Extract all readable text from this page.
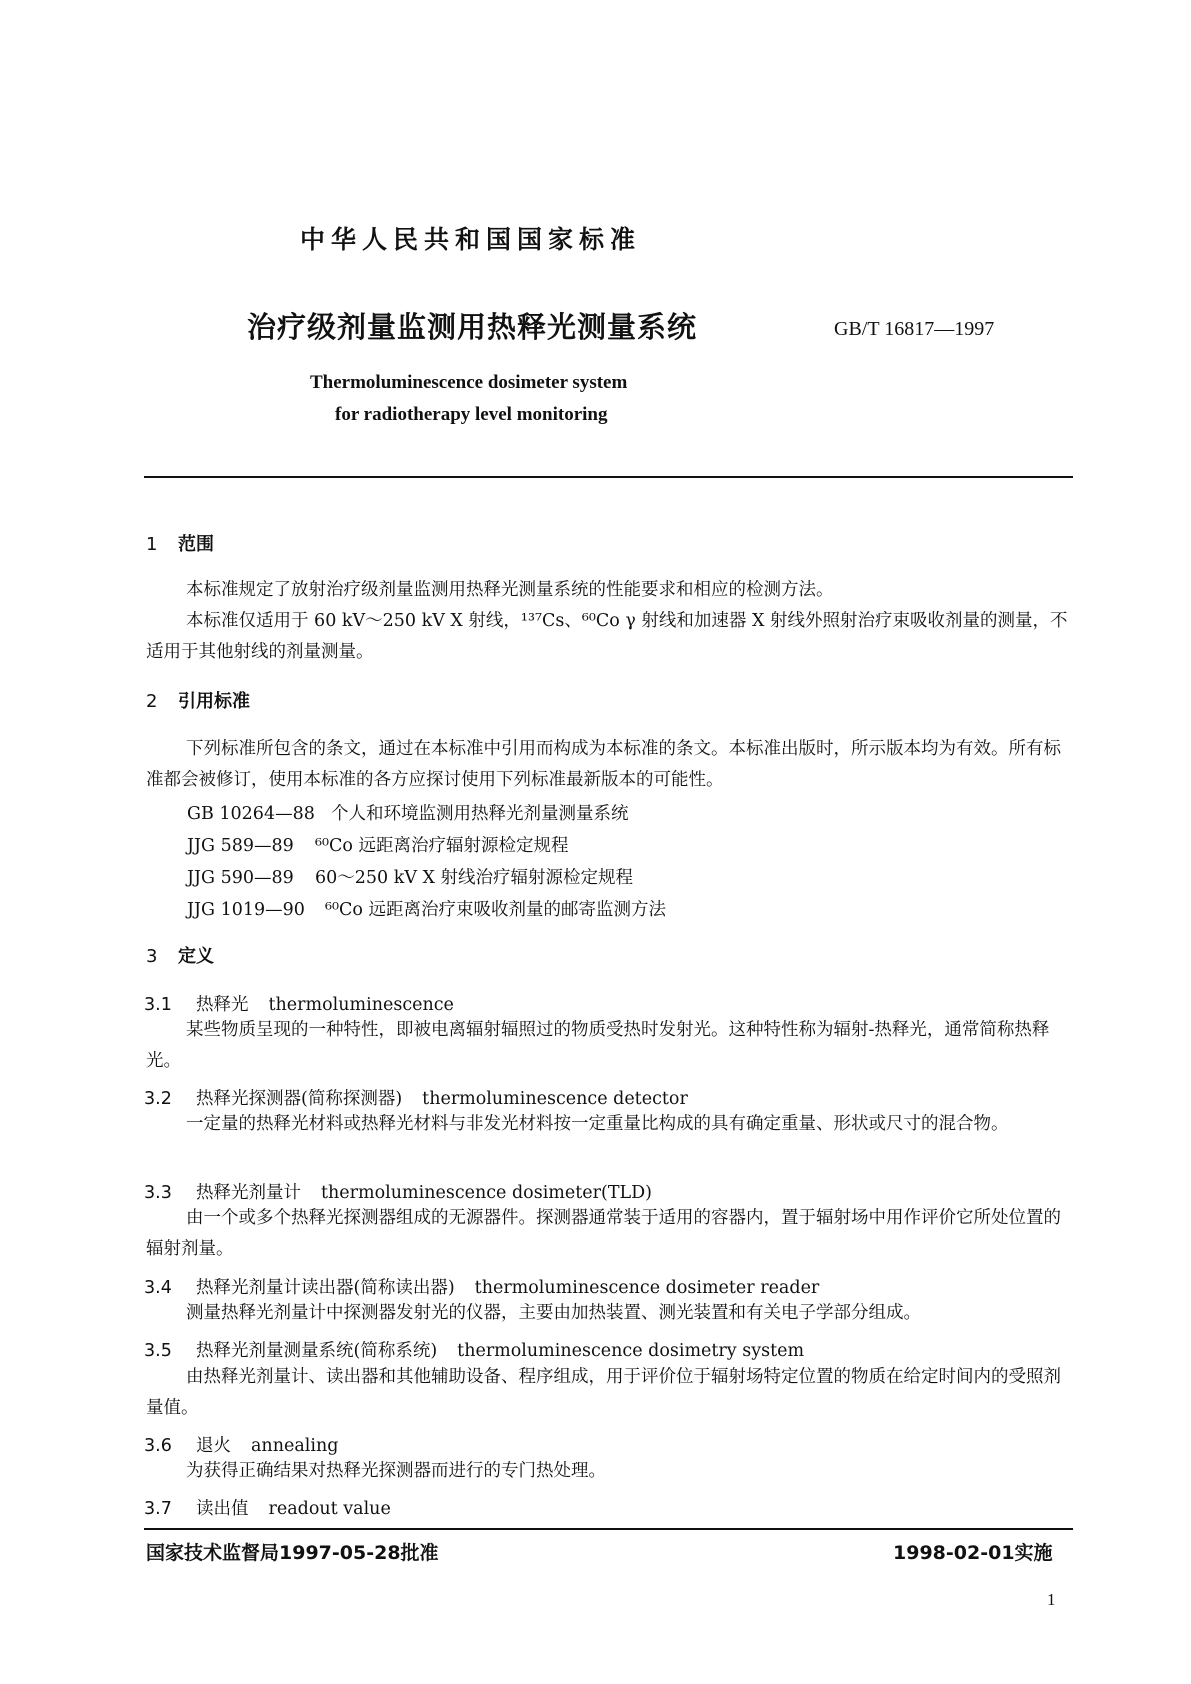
中华人民共和国国家标准
治疗级剂量监测用热释光测量系统	GB/T 16817—1997
Thermoluminescence dosimeter system
for radiotherapy level monitoring
1 范围
本标准规定了放射治疗级剂量监测用热释光测量系统的性能要求和相应的检测方法。
本标准仅适用于 60 kV～250 kV X 射线，¹³⁷Cs、⁶⁰Co γ 射线和加速器 X 射线外照射治疗束吸收剂量的测量，不适用于其他射线的剂量测量。
2 引用标准
下列标准所包含的条文，通过在本标准中引用而构成为本标准的条文。本标准出版时，所示版本均为有效。所有标准都会被修订，使用本标准的各方应探讨使用下列标准最新版本的可能性。
GB 10264—88 个人和环境监测用热释光剂量测量系统
JJG 589—89 ⁶⁰Co 远距离治疗辐射源检定规程
JJG 590—89 60～250 kV X 射线治疗辐射源检定规程
JJG 1019—90 ⁶⁰Co 远距离治疗束吸收剂量的邮寄监测方法
3 定义
3.1 热释光 thermoluminescence
某些物质呈现的一种特性，即被电离辐射辐照过的物质受热时发射光。这种特性称为辐射-热释光，通常简称热释光。
3.2 热释光探测器(简称探测器) thermoluminescence detector
一定量的热释光材料或热释光材料与非发光材料按一定重量比构成的具有确定重量、形状或尺寸的混合物。
3.3 热释光剂量计 thermoluminescence dosimeter(TLD)
由一个或多个热释光探测器组成的无源器件。探测器通常装于适用的容器内，置于辐射场中用作评价它所处位置的辐射剂量。
3.4 热释光剂量计读出器(简称读出器) thermoluminescence dosimeter reader
测量热释光剂量计中探测器发射光的仪器，主要由加热装置、测光装置和有关电子学部分组成。
3.5 热释光剂量测量系统(简称系统) thermoluminescence dosimetry system
由热释光剂量计、读出器和其他辅助设备、程序组成，用于评价位于辐射场特定位置的物质在给定时间内的受照剂量值。
3.6 退火 annealing
为获得正确结果对热释光探测器而进行的专门热处理。
3.7 读出值 readout value
国家技术监督局1997-05-28批准	1998-02-01实施
1
